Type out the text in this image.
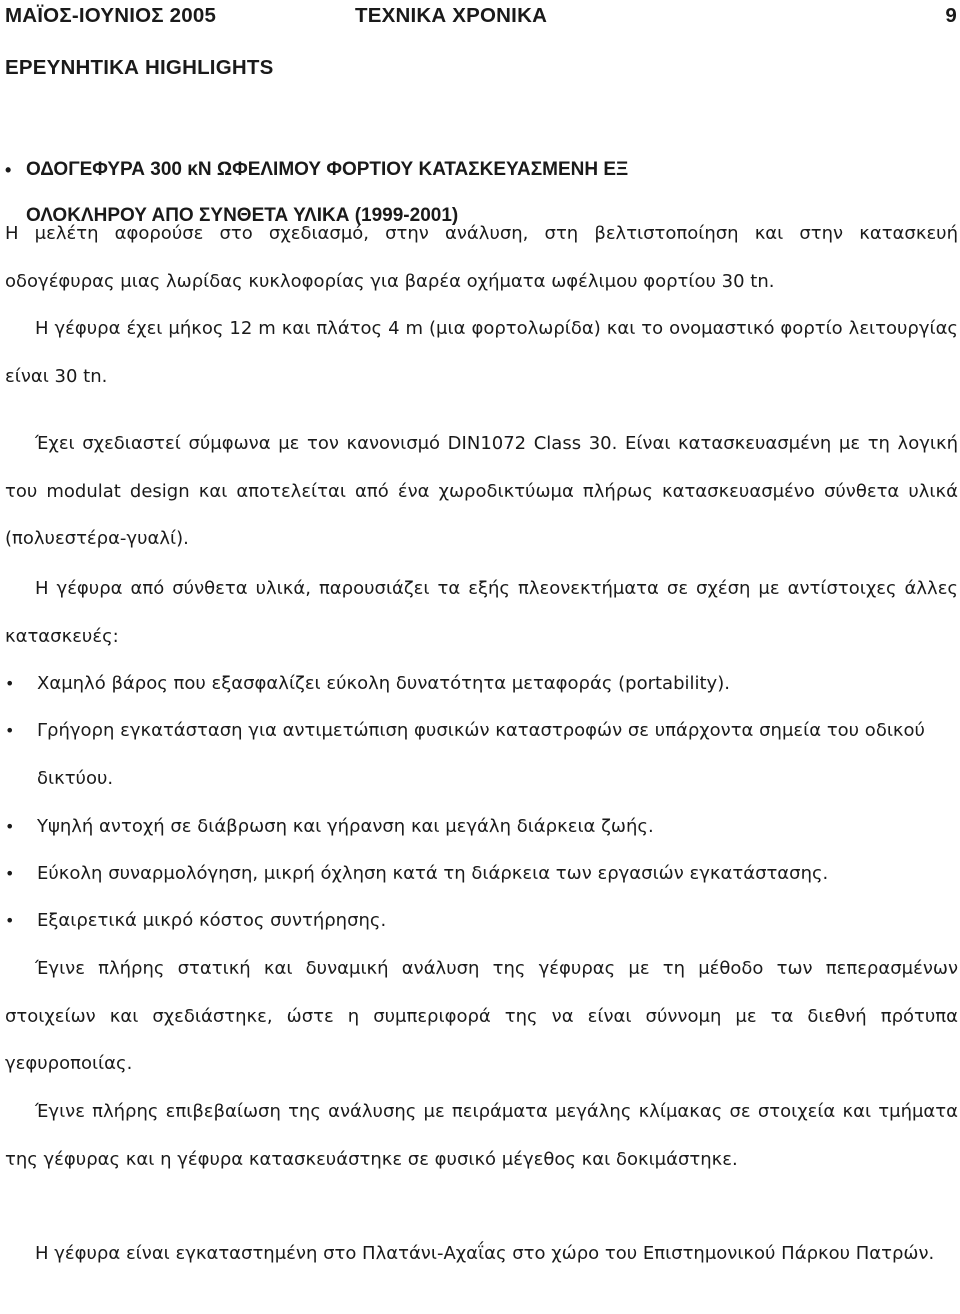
ΜΑΪΟΣ-ΙΟΥΝΙΟΣ 2005	ΤΕΧΝΙΚΑ ΧΡΟΝΙΚΑ	9
ΕΡΕΥΝΗΤΙΚΑ HIGHLIGHTS
• ΟΔΟΓΕΦΥΡΑ 300 κΝ ΩΦΕΛΙΜΟΥ ΦΟΡΤΙΟΥ ΚΑΤΑΣΚΕΥΑΣΜΕΝΗ ΕΞ
ΟΛΟΚΛΗΡΟΥ ΑΠΟ ΣΥΝΘΕΤΑ ΥΛΙΚΑ (1999-2001)

Η μελέτη αφορούσε στο σχεδιασμό, στην ανάλυση, στη βελτιστοποίηση και στην κατασκευή οδογέφυρας μιας λωρίδας κυκλοφορίας για βαρέα οχήματα ωφέλιμου φορτίου 30 tn.

Η γέφυρα έχει μήκος 12 m και πλάτος 4 m (μια φορτολωρίδα) και το ονομαστικό φορτίο λειτουργίας είναι 30 tn.

Έχει σχεδιαστεί σύμφωνα με τον κανονισμό DIN1072 Class 30. Είναι κατασκευασμένη με τη λογική του modulat design και αποτελείται από ένα χωροδικτύωμα πλήρως κατασκευασμένο σύνθετα υλικά (πολυεστέρα-γυαλί).

Η γέφυρα από σύνθετα υλικά, παρουσιάζει τα εξής πλεονεκτήματα σε σχέση με αντίστοιχες άλλες κατασκευές:

• Χαμηλό βάρος που εξασφαλίζει εύκολη δυνατότητα μεταφοράς (portability).
• Γρήγορη εγκατάσταση για αντιμετώπιση φυσικών καταστροφών σε υπάρχοντα σημεία του οδικού δικτύου.
• Υψηλή αντοχή σε διάβρωση και γήρανση και μεγάλη διάρκεια ζωής.
• Εύκολη συναρμολόγηση, μικρή όχληση κατά τη διάρκεια των εργασιών εγκατάστασης.
• Εξαιρετικά μικρό κόστος συντήρησης.

Έγινε πλήρης στατική και δυναμική ανάλυση της γέφυρας με τη μέθοδο των πεπερασμένων στοιχείων και σχεδιάστηκε, ώστε η συμπεριφορά της να είναι σύννομη με τα διεθνή πρότυπα γεφυροποιίας.

Έγινε πλήρης επιβεβαίωση της ανάλυσης με πειράματα μεγάλης κλίμακας σε στοιχεία και τμήματα της γέφυρας και η γέφυρα κατασκευάστηκε σε φυσικό μέγεθος και δοκιμάστηκε.

Η γέφυρα είναι εγκαταστημένη στο Πλατάνι-Αχαΐας στο χώρο του Επιστημονικού Πάρκου Πατρών.
